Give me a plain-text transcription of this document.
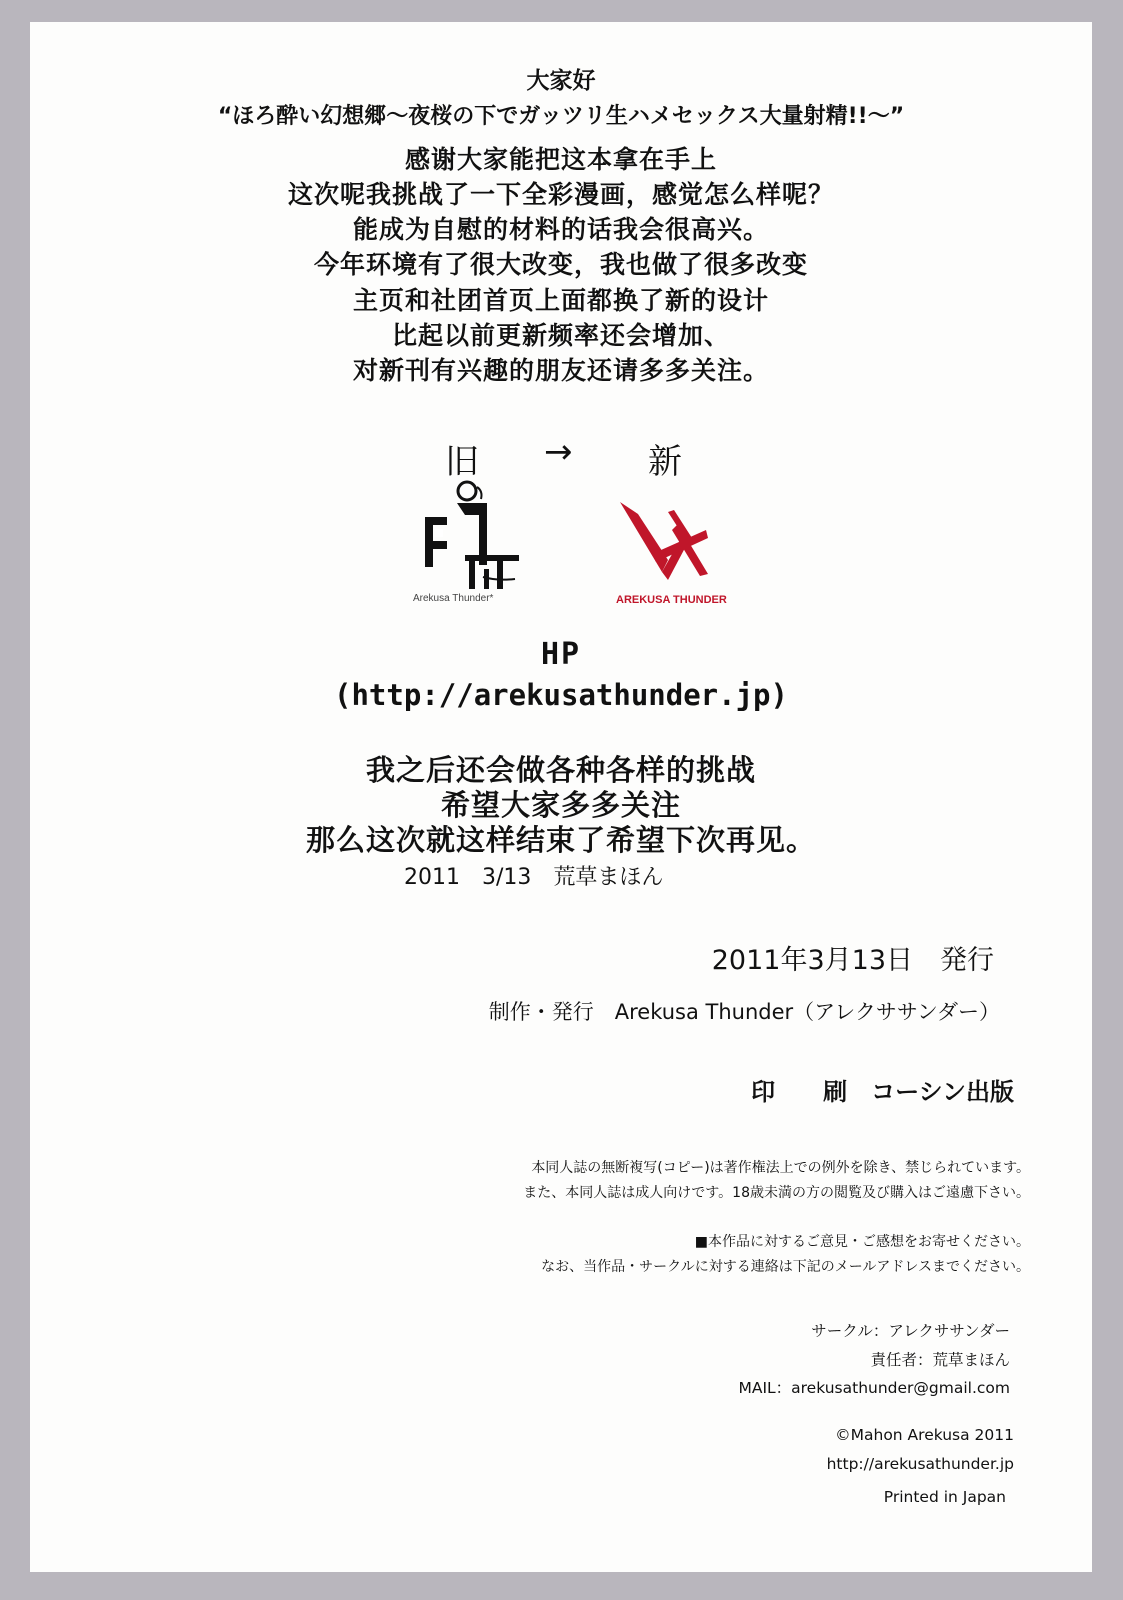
大家好
“ほろ酔い幻想郷～夜桜の下でガッツリ生ハメセックス大量射精!!～”
感谢大家能把这本拿在手上
这次呢我挑战了一下全彩漫画，感觉怎么样呢？
能成为自慰的材料的话我会很高兴。
今年环境有了很大改变，我也做了很多改变
主页和社团首页上面都换了新的设计
比起以前更新频率还会增加、
对新刊有兴趣的朋友还请多多关注。
旧 → 新
Arekusa Thunder*	AREKUSA THUNDER
HP
(http://arekusathunder.jp)
我之后还会做各种各样的挑战
希望大家多多关注
那么这次就这样结束了希望下次再见。
2011　3/13　荒草まほん
2011年3月13日　発行
制作・発行　Arekusa Thunder（アレクササンダー）
印　　刷　コーシン出版
本同人誌の無断複写(コピー)は著作権法上での例外を除き、禁じられています。
また、本同人誌は成人向けです。18歳未満の方の閲覧及び購入はご遠慮下さい。
■本作品に対するご意見・ご感想をお寄せください。
なお、当作品・サークルに対する連絡は下記のメールアドレスまでください。
サークル：アレクササンダー
責任者：荒草まほん
MAIL：arekusathunder@gmail.com
©Mahon Arekusa 2011
http://arekusathunder.jp
Printed in Japan
